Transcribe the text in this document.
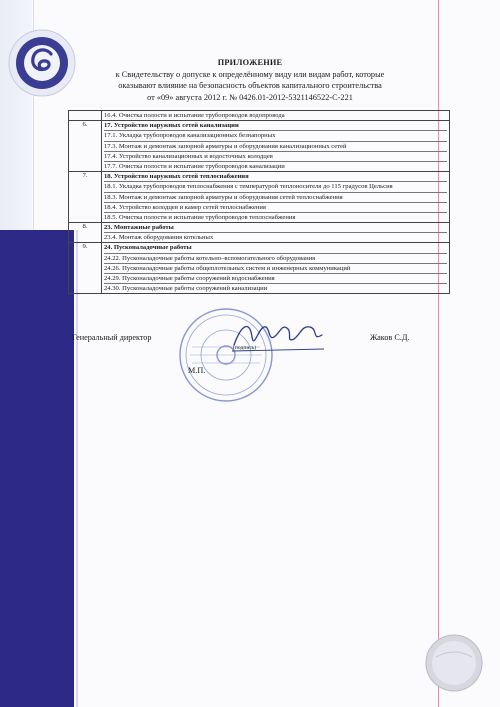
ПРИЛОЖЕНИЕ
к Свидетельству о допуске к определённому виду или видам работ, которые
оказывают влияние на безопасность объектов капитального строительства
от «09» августа 2012 г. № 0426.01-2012-5321146522-С-221

	16.4. Очистка полости и испытание трубопроводов водопровода

6.	17. Устройство наружных сетей канализации
17.1. Укладка трубопроводов канализационных безнапорных
17.3. Монтаж и демонтаж запорной арматуры и оборудования канализационных сетей
17.4. Устройство канализационных и водосточных колодцев
17.7. Очистка полости и испытание трубопроводов канализации

7.	18. Устройство наружных сетей теплоснабжения
18.1. Укладка трубопроводов теплоснабжения с температурой теплоносителя до 115 градусов Цельсия
18.3. Монтаж и демонтаж запорной арматуры и оборудования сетей теплоснабжения
18.4. Устройство колодцев и камер сетей теплоснабжения
18.5. Очистка полости и испытание трубопроводов теплоснабжения

8.	23. Монтажные работы
23.4. Монтаж оборудования котельных

9.	24. Пусконаладочные работы
24.22. Пусконаладочные работы котельно–вспомогательного оборудования
24.26. Пусконаладочные работы общеплотельных систем и инженерных коммуникаций
24.29. Пусконаладочные работы сооружений водоснабжения
24.30. Пусконаладочные работы сооружений канализации
Генеральный директор
(подпись)
Жаков С.Д.
М.П.
